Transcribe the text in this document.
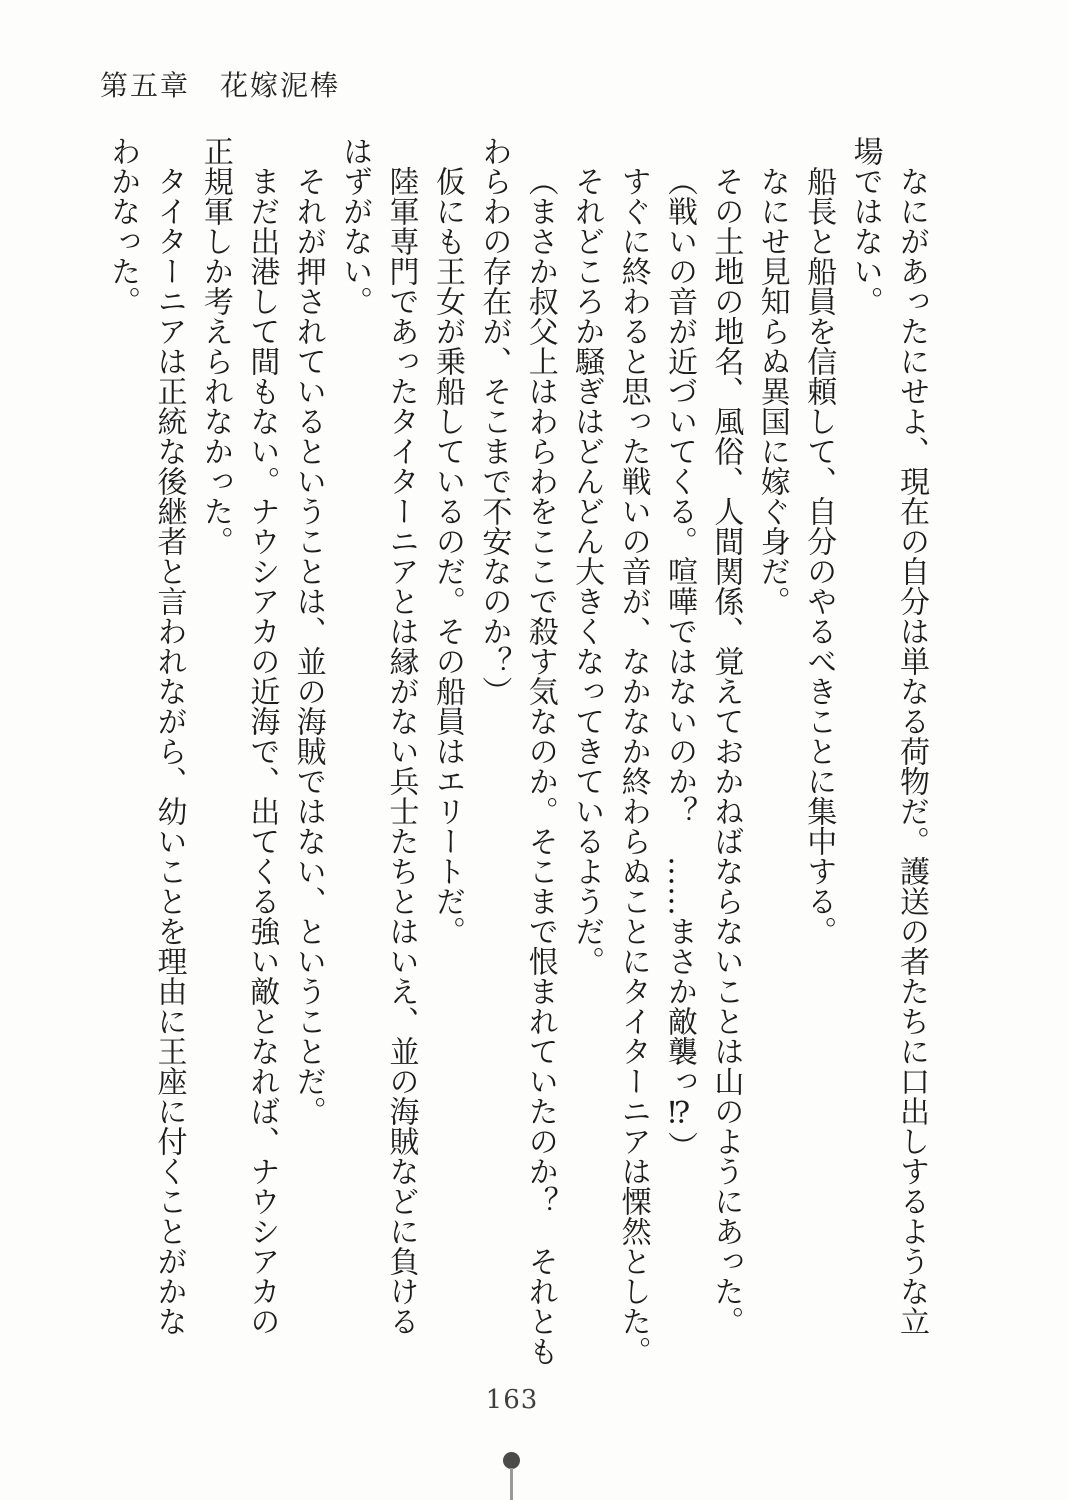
第五章　花嫁泥棒
なにがあったにせよ、現在の自分は単なる荷物だ。護送の者たちに口出しするような立
場ではない。
船長と船員を信頼して、自分のやるべきことに集中する。
なにせ見知らぬ異国に嫁ぐ身だ。
その土地の地名、風俗、人間関係、覚えておかねばならないことは山のようにあった。
（戦いの音が近づいてくる。喧嘩ではないのか？　……まさか敵襲っ⁉）
すぐに終わると思った戦いの音が、なかなか終わらぬことにタイターニアは慄然とした。
それどころか騒ぎはどんどん大きくなってきているようだ。
（まさか叔父上はわらわをここで殺す気なのか。そこまで恨まれていたのか？　それとも
わらわの存在が、そこまで不安なのか？）
仮にも王女が乗船しているのだ。その船員はエリートだ。
陸軍専門であったタイターニアとは縁がない兵士たちとはいえ、並の海賊などに負ける
はずがない。
それが押されているということは、並の海賊ではない、ということだ。
まだ出港して間もない。ナウシアカの近海で、出てくる強い敵となれば、ナウシアカの
正規軍しか考えられなかった。
タイターニアは正統な後継者と言われながら、幼いことを理由に王座に付くことがかな
わかなった。
163
